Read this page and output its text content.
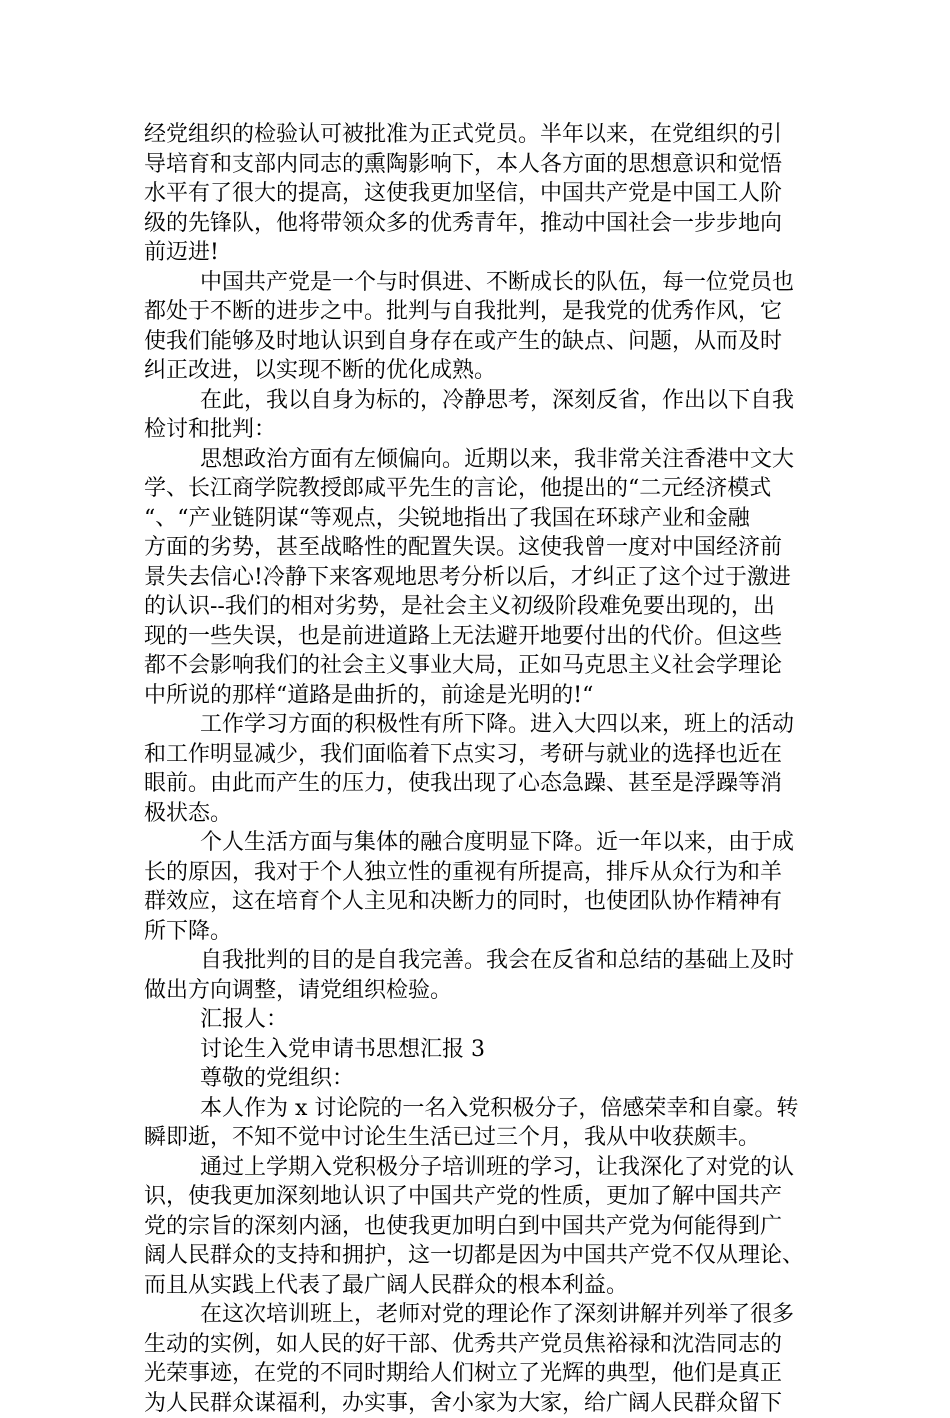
经党组织的检验认可被批准为正式党员。半年以来，在党组织的引
导培育和支部内同志的熏陶影响下，本人各方面的思想意识和觉悟
水平有了很大的提高，这使我更加坚信，中国共产党是中国工人阶
级的先锋队，他将带领众多的优秀青年，推动中国社会一步步地向
前迈进!
中国共产党是一个与时俱进、不断成长的队伍，每一位党员也
都处于不断的进步之中。批判与自我批判，是我党的优秀作风，它
使我们能够及时地认识到自身存在或产生的缺点、问题，从而及时
纠正改进，以实现不断的优化成熟。
在此，我以自身为标的，冷静思考，深刻反省，作出以下自我
检讨和批判：
思想政治方面有左倾偏向。近期以来，我非常关注香港中文大
学、长江商学院教授郎咸平先生的言论，他提出的“二元经济模式
“、“产业链阴谋“等观点，尖锐地指出了我国在环球产业和金融
方面的劣势，甚至战略性的配置失误。这使我曾一度对中国经济前
景失去信心!冷静下来客观地思考分析以后，才纠正了这个过于激进
的认识--我们的相对劣势，是社会主义初级阶段难免要出现的，出
现的一些失误，也是前进道路上无法避开地要付出的代价。但这些
都不会影响我们的社会主义事业大局，正如马克思主义社会学理论
中所说的那样“道路是曲折的，前途是光明的!“
工作学习方面的积极性有所下降。进入大四以来，班上的活动
和工作明显减少，我们面临着下点实习，考研与就业的选择也近在
眼前。由此而产生的压力，使我出现了心态急躁、甚至是浮躁等消
极状态。
个人生活方面与集体的融合度明显下降。近一年以来，由于成
长的原因，我对于个人独立性的重视有所提高，排斥从众行为和羊
群效应，这在培育个人主见和决断力的同时，也使团队协作精神有
所下降。
自我批判的目的是自我完善。我会在反省和总结的基础上及时
做出方向调整，请党组织检验。
汇报人：
讨论生入党申请书思想汇报 3
尊敬的党组织：
本人作为 x 讨论院的一名入党积极分子，倍感荣幸和自豪。转
瞬即逝，不知不觉中讨论生生活已过三个月，我从中收获颇丰。
通过上学期入党积极分子培训班的学习，让我深化了对党的认
识，使我更加深刻地认识了中国共产党的性质，更加了解中国共产
党的宗旨的深刻内涵，也使我更加明白到中国共产党为何能得到广
阔人民群众的支持和拥护，这一切都是因为中国共产党不仅从理论、
而且从实践上代表了最广阔人民群众的根本利益。
在这次培训班上，老师对党的理论作了深刻讲解并列举了很多
生动的实例，如人民的好干部、优秀共产党员焦裕禄和沈浩同志的
光荣事迹，在党的不同时期给人们树立了光辉的典型，他们是真正
为人民群众谋福利，办实事，舍小家为大家，给广阔人民群众留下
